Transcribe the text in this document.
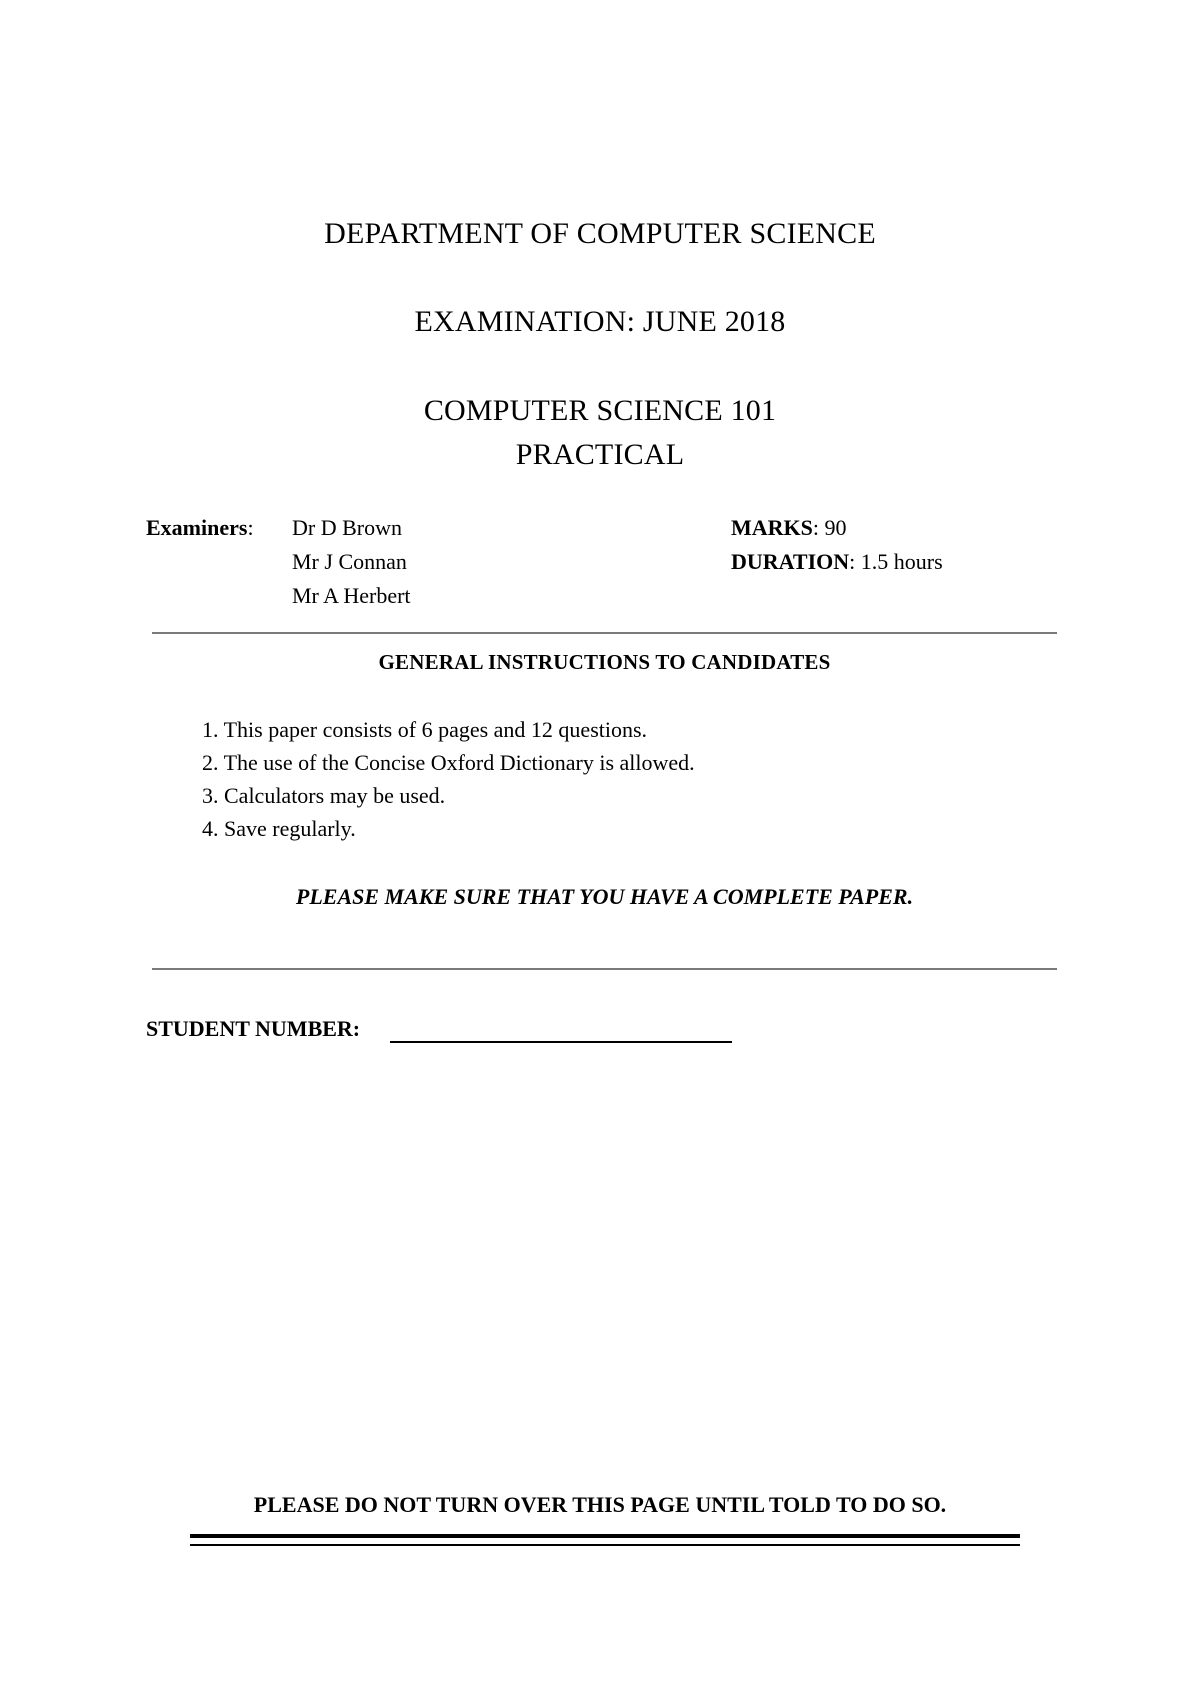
DEPARTMENT OF COMPUTER SCIENCE
EXAMINATION: JUNE 2018
COMPUTER SCIENCE 101
PRACTICAL
Examiners: Dr D Brown
Mr J Connan
Mr A Herbert
MARKS: 90
DURATION: 1.5 hours
GENERAL INSTRUCTIONS TO CANDIDATES
1. This paper consists of 6 pages and 12 questions.
2. The use of the Concise Oxford Dictionary is allowed.
3. Calculators may be used.
4. Save regularly.
PLEASE MAKE SURE THAT YOU HAVE A COMPLETE PAPER.
STUDENT NUMBER:
PLEASE DO NOT TURN OVER THIS PAGE UNTIL TOLD TO DO SO.
